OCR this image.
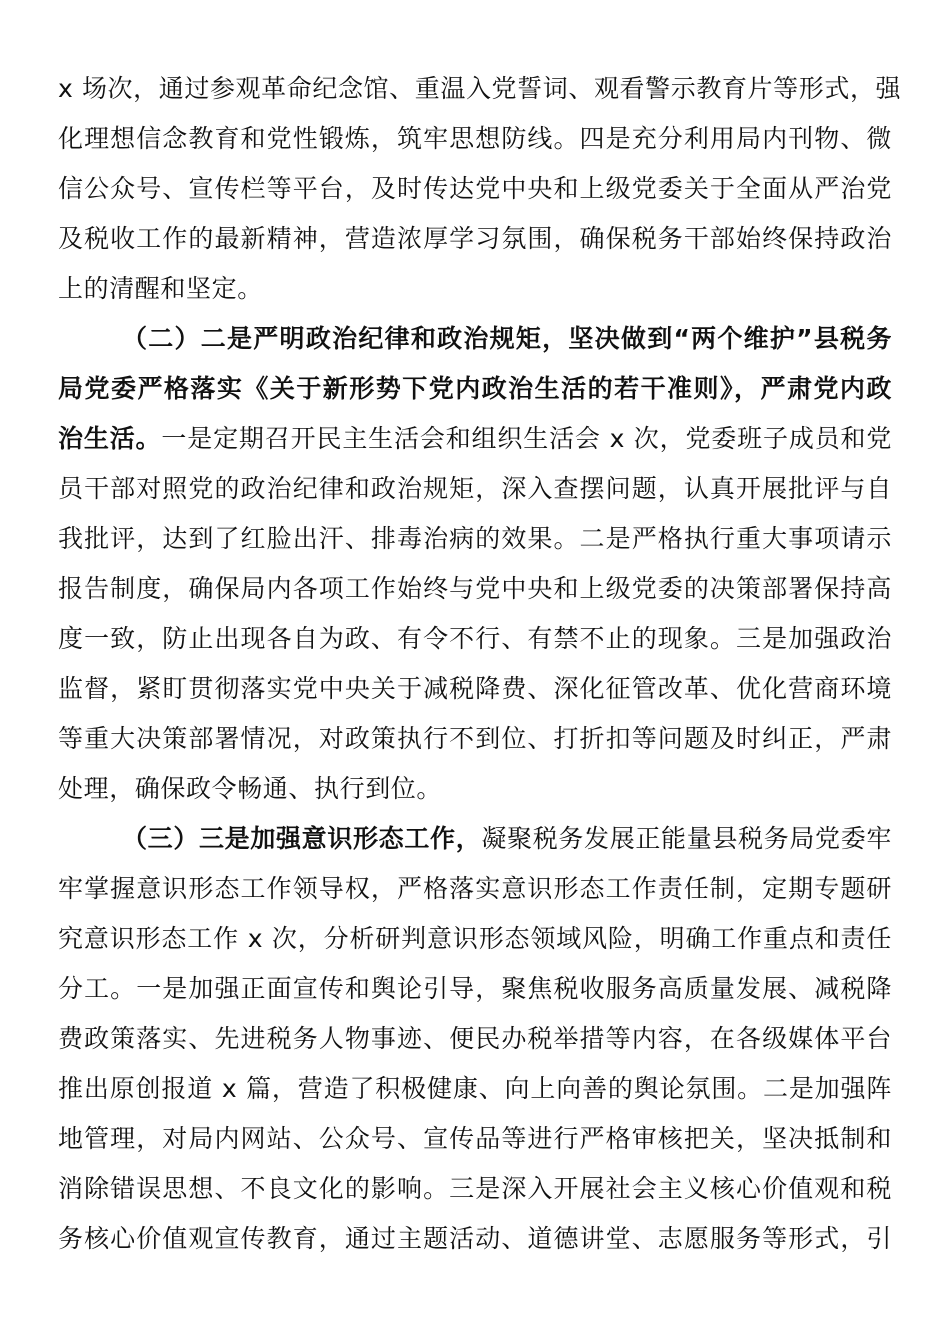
x 场次，通过参观革命纪念馆、重温入党誓词、观看警示教育片等形式，强
化理想信念教育和党性锻炼，筑牢思想防线。四是充分利用局内刊物、微
信公众号、宣传栏等平台，及时传达党中央和上级党委关于全面从严治党
及税收工作的最新精神，营造浓厚学习氛围，确保税务干部始终保持政治
上的清醒和坚定。
（二）二是严明政治纪律和政治规矩，坚决做到“两个维护”县税务
局党委严格落实《关于新形势下党内政治生活的若干准则》，严肃党内政
治生活。一是定期召开民主生活会和组织生活会 x 次，党委班子成员和党
员干部对照党的政治纪律和政治规矩，深入查摆问题，认真开展批评与自
我批评，达到了红脸出汗、排毒治病的效果。二是严格执行重大事项请示
报告制度，确保局内各项工作始终与党中央和上级党委的决策部署保持高
度一致，防止出现各自为政、有令不行、有禁不止的现象。三是加强政治
监督，紧盯贯彻落实党中央关于减税降费、深化征管改革、优化营商环境
等重大决策部署情况，对政策执行不到位、打折扣等问题及时纠正，严肃
处理，确保政令畅通、执行到位。
（三）三是加强意识形态工作，凝聚税务发展正能量县税务局党委牢
牢掌握意识形态工作领导权，严格落实意识形态工作责任制，定期专题研
究意识形态工作 x 次，分析研判意识形态领域风险，明确工作重点和责任
分工。一是加强正面宣传和舆论引导，聚焦税收服务高质量发展、减税降
费政策落实、先进税务人物事迹、便民办税举措等内容，在各级媒体平台
推出原创报道 x 篇，营造了积极健康、向上向善的舆论氛围。二是加强阵
地管理，对局内网站、公众号、宣传品等进行严格审核把关，坚决抵制和
消除错误思想、不良文化的影响。三是深入开展社会主义核心价值观和税
务核心价值观宣传教育，通过主题活动、道德讲堂、志愿服务等形式，引
